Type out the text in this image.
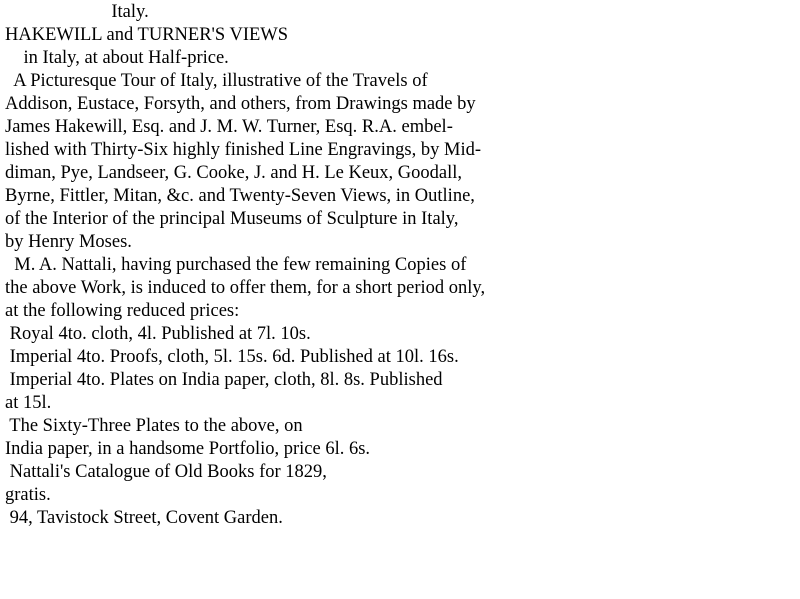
Italy.
HAKEWILL and TURNER'S VIEWS
in Italy, at about Half-price.
A Picturesque Tour of Italy, illustrative of the Travels of
Addison, Eustace, Forsyth, and others, from Drawings made by
James Hakewill, Esq. and J. M. W. Turner, Esq. R.A. embel-
lished with Thirty-Six highly finished Line Engravings, by Mid-
diman, Pye, Landseer, G. Cooke, J. and H. Le Keux, Goodall,
Byrne, Fittler, Mitan, &c. and Twenty-Seven Views, in Outline,
of the Interior of the principal Museums of Sculpture in Italy,
by Henry Moses.
M. A. Nattali, having purchased the few remaining Copies of
the above Work, is induced to offer them, for a short period only,
at the following reduced prices:
Royal 4to. cloth, 4l. Published at 7l. 10s.
Imperial 4to. Proofs, cloth, 5l. 15s. 6d. Published at 10l. 16s.
Imperial 4to. Plates on India paper, cloth, 8l. 8s. Published
at 15l.
The Sixty-Three Plates to the above, on
India paper, in a handsome Portfolio, price 6l. 6s.
Nattali's Catalogue of Old Books for 1829,
gratis.
94, Tavistock Street, Covent Garden.
